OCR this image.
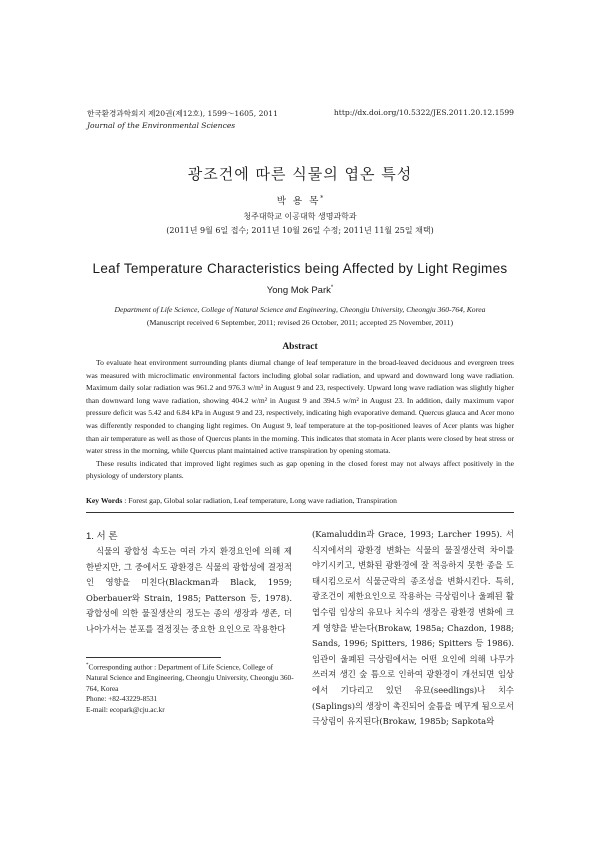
한국환경과학회지 제20권(제12호), 1599～1605, 2011
Journal of the Environmental Sciences
http://dx.doi.org/10.5322/JES.2011.20.12.1599
광조건에 따른 식물의 엽온 특성
박 용 목*
청주대학교 이공대학 생명과학과
(2011년 9월 6일 접수; 2011년 10월 26일 수정; 2011년 11월 25일 채택)
Leaf Temperature Characteristics being Affected by Light Regimes
Yong Mok Park*
Department of Life Science, College of Natural Science and Engineering, Cheongju University, Cheongju 360-764, Korea
(Manuscript received 6 September, 2011; revised 26 October, 2011; accepted 25 November, 2011)
Abstract

To evaluate heat environment surrounding plants diurnal change of leaf temperature in the broad-leaved deciduous and evergreen trees was measured with microclimatic environmental factors including global solar radiation, and upward and downward long wave radiation. Maximum daily solar radiation was 961.2 and 976.3 w/m² in August 9 and 23, respectively. Upward long wave radiation was slightly higher than downward long wave radiation, showing 404.2 w/m² in August 9 and 394.5 w/m² in August 23. In addition, daily maximum vapor pressure deficit was 5.42 and 6.84 kPa in August 9 and 23, respectively, indicating high evaporative demand. Quercus glauca and Acer mono was differently responded to changing light regimes. On August 9, leaf temperature at the top-positioned leaves of Acer plants was higher than air temperature as well as those of Quercus plants in the morning. This indicates that stomata in Acer plants were closed by heat stress or water stress in the morning, while Quercus plant maintained active transpiration by opening stomata.

These results indicated that improved light regimes such as gap opening in the closed forest may not always affect positively in the physiology of understory plants.

Key Words : Forest gap, Global solar radiation, Leaf temperature, Long wave radiation, Transpiration
1. 서 론

식물의 광합성 속도는 여러 가지 환경요인에 의해 제한받지만, 그 중에서도 광환경은 식물의 광합성에 결정적인 영향을 미친다(Blackman과 Black, 1959; Oberbauer와 Strain, 1985; Patterson 등, 1978). 광합성에 의한 물질생산의 정도는 종의 생장과 생존, 더 나아가서는 분포를 결정짓는 중요한 요인으로 작용한다

*Corresponding author : Department of Life Science, College of Natural Science and Engineering, Cheongju University, Cheongju 360-764, Korea
Phone: +82-43229-8531
E-mail: ecopark@cju.ac.kr

(Kamaluddin과 Grace, 1993; Larcher 1995). 서식지에서의 광환경 변화는 식물의 물질생산력 차이를 야기시키고, 변화된 광환경에 잘 적응하지 못한 종을 도태시킴으로서 식물군락의 종조성을 변화시킨다. 특히, 광조건이 제한요인으로 작용하는 극상림이나 울폐된 활엽수림 임상의 유묘나 치수의 생장은 광환경 변화에 크게 영향을 받는다(Brokaw, 1985a; Chazdon, 1988; Sands, 1996; Spitters, 1986; Spitters 등 1986). 임관이 울폐된 극상림에서는 어떤 요인에 의해 나무가 쓰러져 생긴 숲 틈으로 인하여 광환경이 개선되면 임상에서 기다리고 있던 유묘(seedlings)나 치수(Saplings)의 생장이 촉진되어 숲틈을 메꾸게 됨으로서 극상림이 유지된다(Brokaw, 1985b; Sapkota와
